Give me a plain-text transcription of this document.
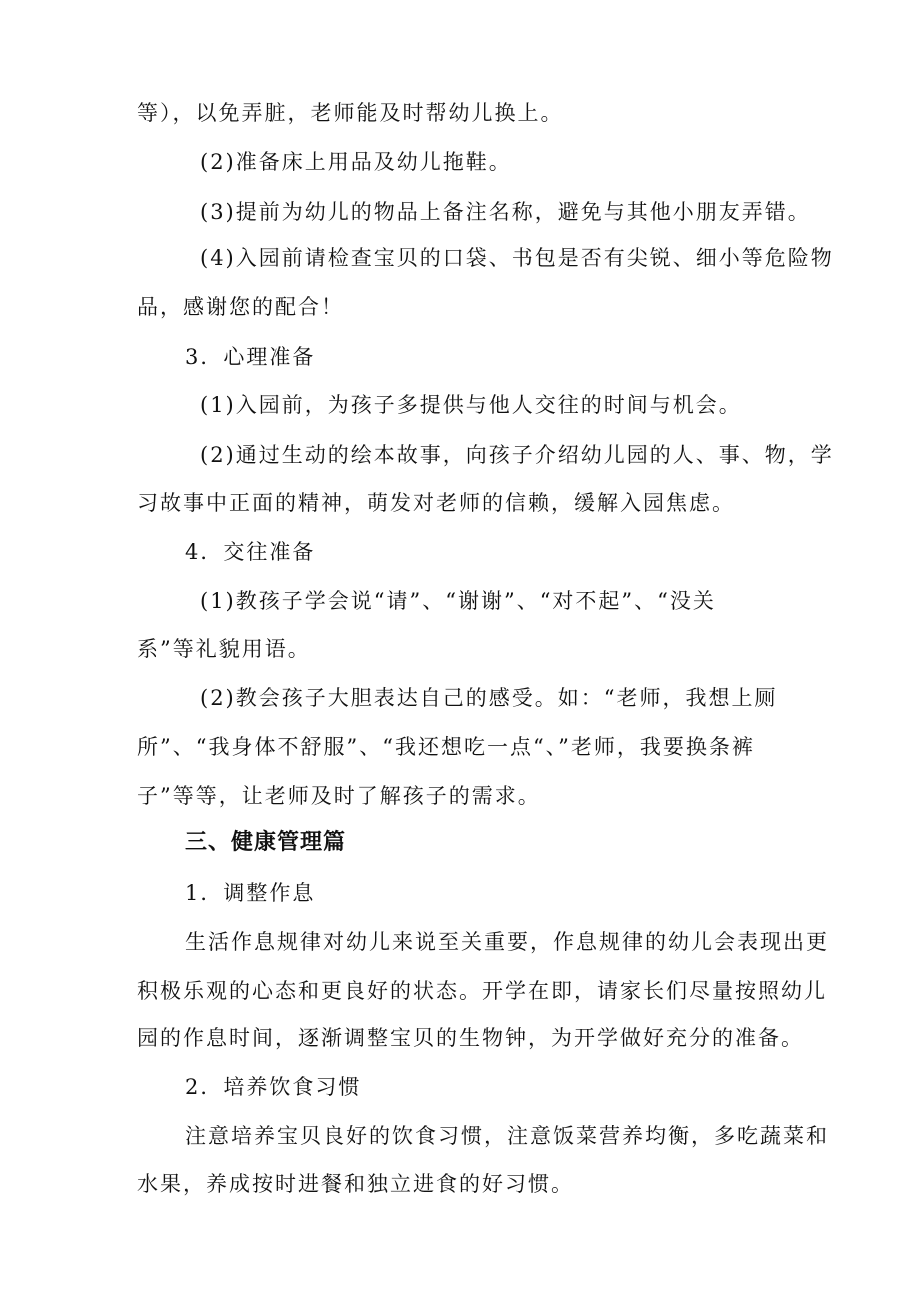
等），以免弄脏，老师能及时帮幼儿换上。
(2)准备床上用品及幼儿拖鞋。
(3)提前为幼儿的物品上备注名称，避免与其他小朋友弄错。
(4)入园前请检查宝贝的口袋、书包是否有尖锐、细小等危险物
品，感谢您的配合！
3．心理准备
(1)入园前，为孩子多提供与他人交往的时间与机会。
(2)通过生动的绘本故事，向孩子介绍幼儿园的人、事、物，学
习故事中正面的精神，萌发对老师的信赖，缓解入园焦虑。
4．交往准备
(1)教孩子学会说“请”、“谢谢”、“对不起”、“没关
系”等礼貌用语。
(2)教会孩子大胆表达自己的感受。如：“老师，我想上厕
所”、“我身体不舒服”、“我还想吃一点“、”老师，我要换条裤
子”等等，让老师及时了解孩子的需求。
三、健康管理篇
1．调整作息
生活作息规律对幼儿来说至关重要，作息规律的幼儿会表现出更
积极乐观的心态和更良好的状态。开学在即，请家长们尽量按照幼儿
园的作息时间，逐渐调整宝贝的生物钟，为开学做好充分的准备。
2．培养饮食习惯
注意培养宝贝良好的饮食习惯，注意饭菜营养均衡，多吃蔬菜和
水果，养成按时进餐和独立进食的好习惯。
